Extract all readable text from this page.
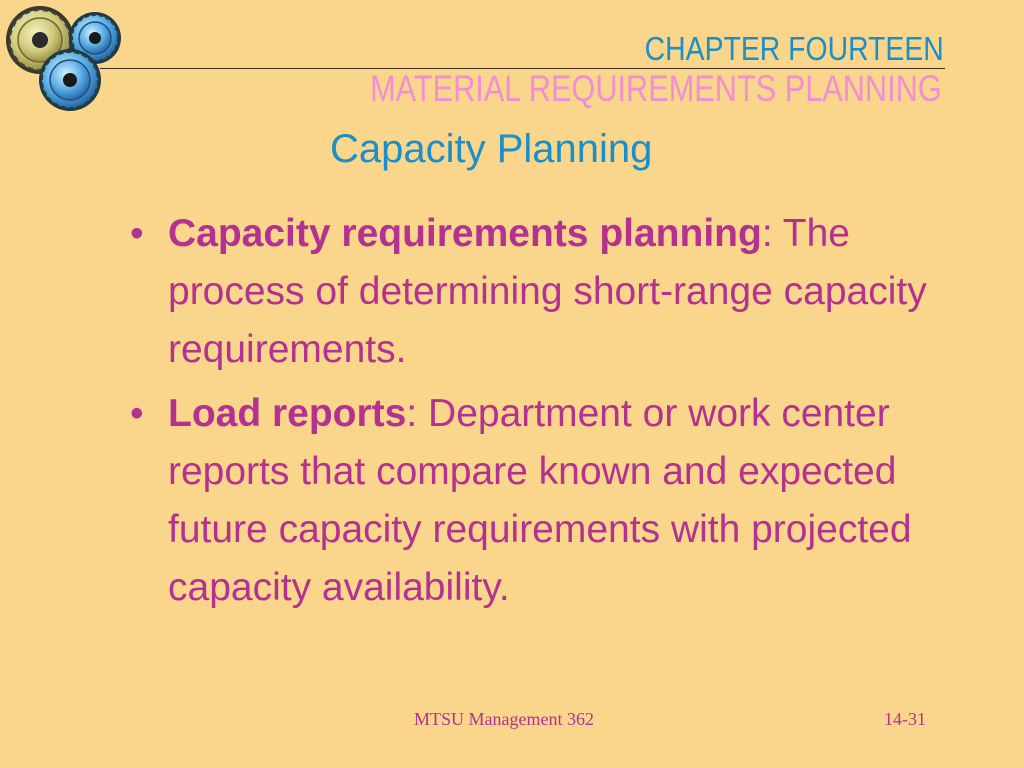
CHAPTER FOURTEEN
MATERIAL REQUIREMENTS PLANNING
Capacity Planning
• Capacity requirements planning: The process of determining short-range capacity requirements.
• Load reports: Department or work center reports that compare known and expected future capacity requirements with projected capacity availability.
MTSU Management 362	14-31
